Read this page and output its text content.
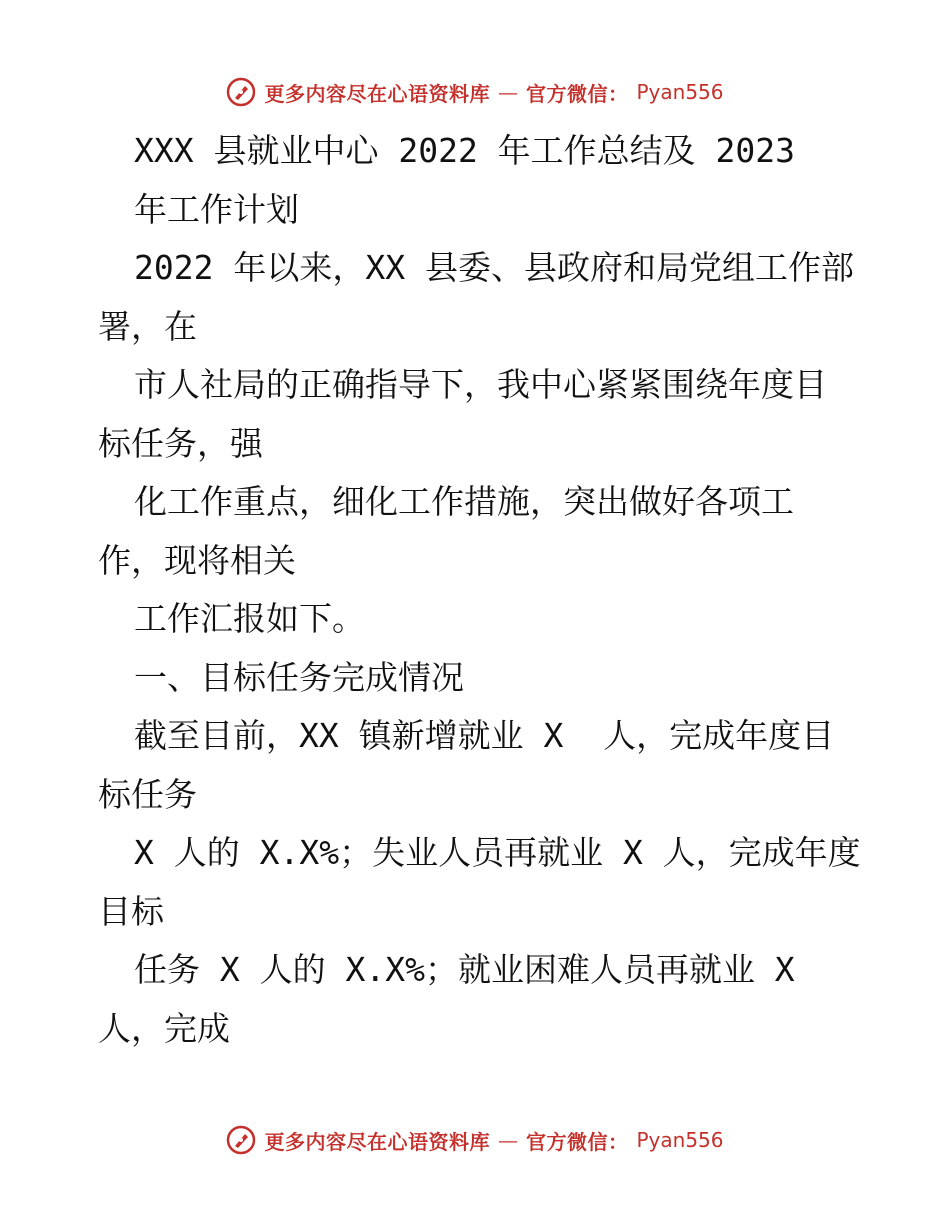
更多内容尽在心语资料库 — 官方微信： Pyan556
XXX 县就业中心 2022 年工作总结及 2023
年工作计划
2022 年以来，XX 县委、县政府和局党组工作部
署，在
市人社局的正确指导下，我中心紧紧围绕年度目
标任务，强
化工作重点，细化工作措施，突出做好各项工
作，现将相关
工作汇报如下。
一、目标任务完成情况
截至目前，XX 镇新增就业 X  人，完成年度目
标任务
X 人的 X.X%；失业人员再就业 X 人，完成年度
目标
任务 X 人的 X.X%；就业困难人员再就业 X
人，完成
更多内容尽在心语资料库 — 官方微信： Pyan556
